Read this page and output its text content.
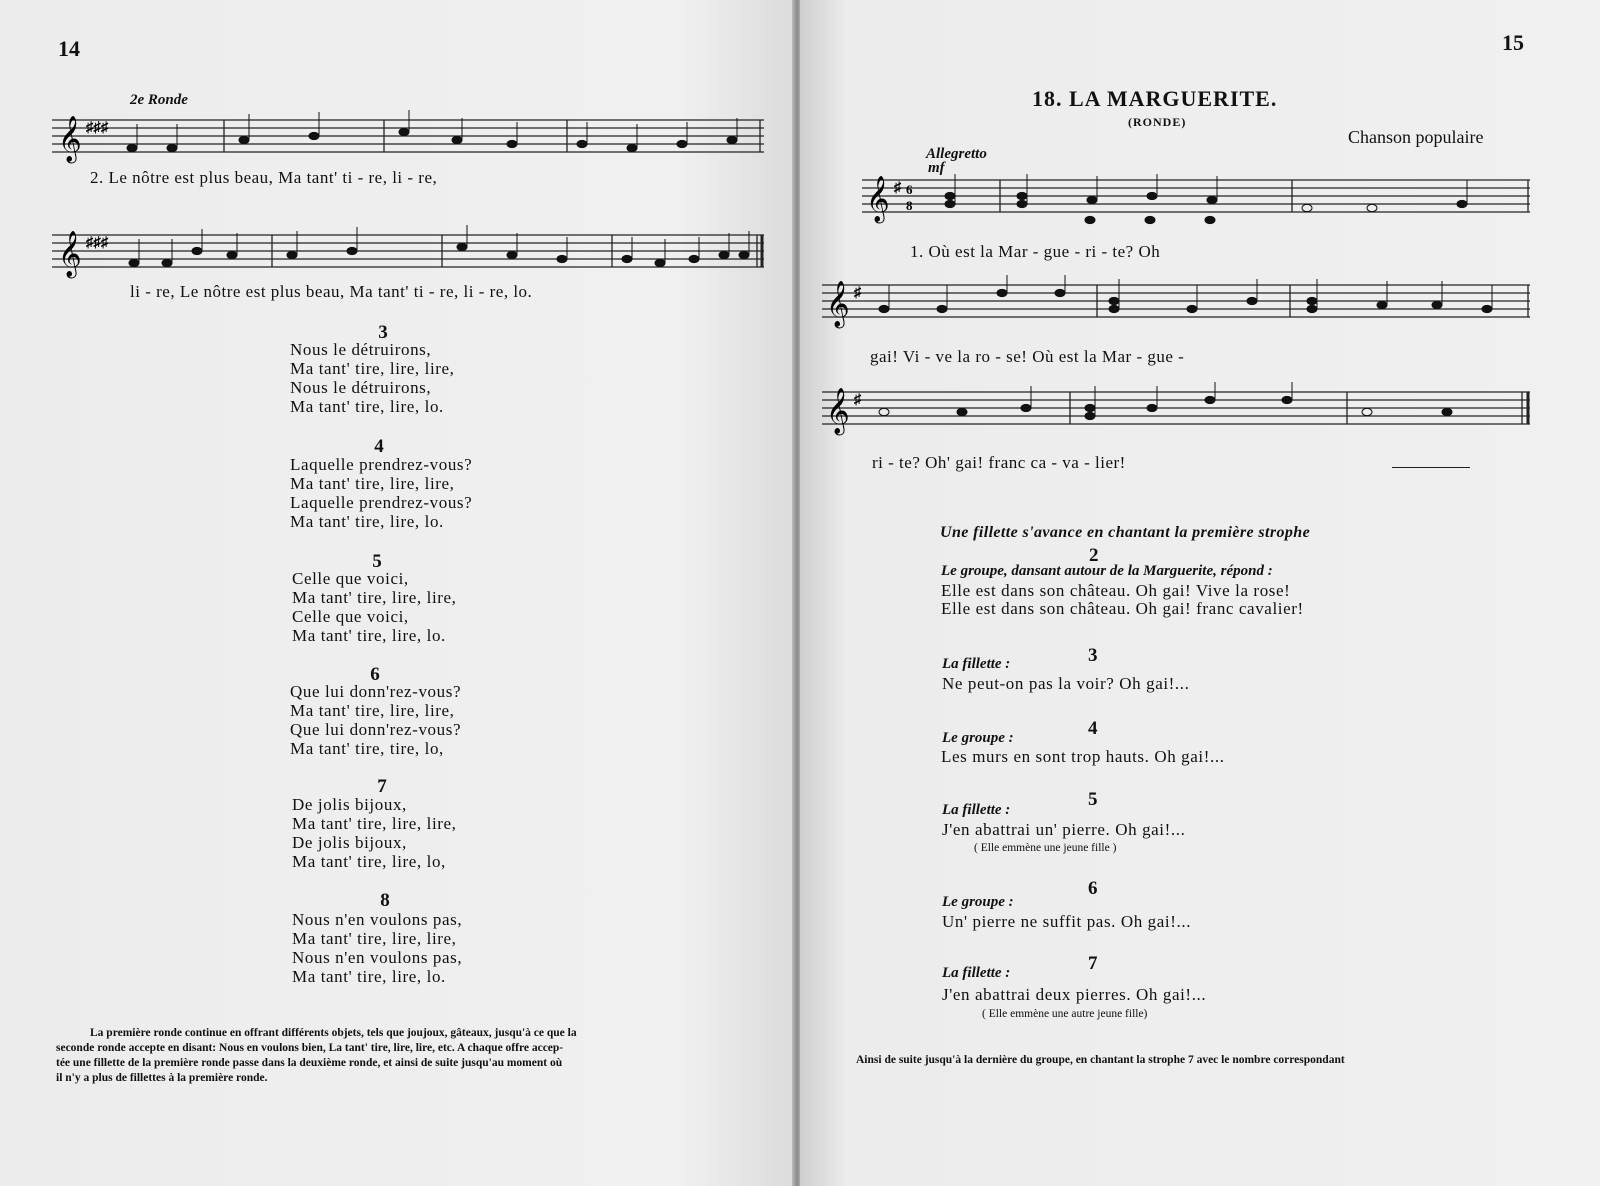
14
2e Ronde
𝄞 ♯♯♯
2. Le nôtre est plus beau, Ma tant' ti - re, li - re,
𝄞 ♯♯♯
li - re, Le nôtre est plus beau, Ma tant' ti - re, li - re, lo.
3
Nous le détruirons,
Ma tant' tire, lire, lire,
Nous le détruirons,
Ma tant' tire, lire, lo.
4
Laquelle prendrez-vous?
Ma tant' tire, lire, lire,
Laquelle prendrez-vous?
Ma tant' tire, lire, lo.
5
Celle que voici,
Ma tant' tire, lire, lire,
Celle que voici,
Ma tant' tire, lire, lo.
6
Que lui donn'rez-vous?
Ma tant' tire, lire, lire,
Que lui donn'rez-vous?
Ma tant' tire, tire, lo,
7
De jolis bijoux,
Ma tant' tire, lire, lire,
De jolis bijoux,
Ma tant' tire, lire, lo,
8
Nous n'en voulons pas,
Ma tant' tire, lire, lire,
Nous n'en voulons pas,
Ma tant' tire, lire, lo.
La première ronde continue en offrant différents objets, tels que joujoux, gâteaux, jusqu'à ce que la
seconde ronde accepte en disant: Nous en voulons bien, La tant' tire, lire, lire, etc. A chaque offre accep-
tée une fillette de la première ronde passe dans la deuxième ronde, et ainsi de suite jusqu'au moment où
il n'y a plus de fillettes à la première ronde.
15
18. LA MARGUERITE.
(RONDE)
Chanson populaire
Allegretto
mf
𝄞 ♯ 6
8
1. Où est la Mar - gue - ri - te? Oh
𝄞 ♯
gai! Vi - ve la ro - se! Où est la Mar - gue -
𝄞 ♯
ri - te? Oh' gai! franc ca - va - lier!
Une fillette s'avance en chantant la première strophe
2
Le groupe, dansant autour de la Marguerite, répond :
Elle est dans son château. Oh gai! Vive la rose!
Elle est dans son château. Oh gai! franc cavalier!
3
La fillette :
Ne peut-on pas la voir? Oh gai!...
4
Le groupe :
Les murs en sont trop hauts. Oh gai!...
5
La fillette :
J'en abattrai un' pierre. Oh gai!...
( Elle emmène une jeune fille )
6
Le groupe :
Un' pierre ne suffit pas. Oh gai!...
7
La fillette :
J'en abattrai deux pierres. Oh gai!...
( Elle emmène une autre jeune fille)
Ainsi de suite jusqu'à la dernière du groupe, en chantant la strophe 7 avec le nombre correspondant
